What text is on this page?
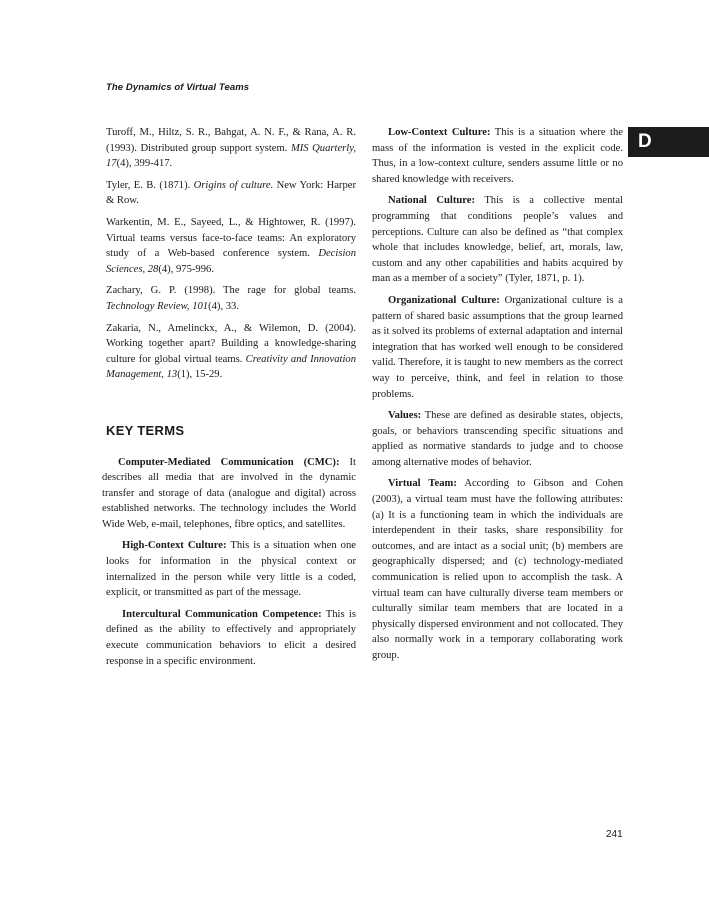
The Dynamics of Virtual Teams
D
Turoff, M., Hiltz, S. R., Bahgat, A. N. F., & Rana, A. R. (1993). Distributed group support system. MIS Quarterly, 17(4), 399-417.
Tyler, E. B. (1871). Origins of culture. New York: Harper & Row.
Warkentin, M. E., Sayeed, L., & Hightower, R. (1997). Virtual teams versus face-to-face teams: An exploratory study of a Web-based conference system. Decision Sciences, 28(4), 975-996.
Zachary, G. P. (1998). The rage for global teams. Technology Review, 101(4), 33.
Zakaria, N., Amelinckx, A., & Wilemon, D. (2004). Working together apart? Building a knowledge-sharing culture for global virtual teams. Creativity and Innovation Management, 13(1), 15-29.
KEY TERMS
Computer-Mediated Communication (CMC): It describes all media that are involved in the dynamic transfer and storage of data (analogue and digital) across established networks. The technology includes the World Wide Web, e-mail, telephones, fibre optics, and satellites.
High-Context Culture: This is a situation when one looks for information in the physical context or internalized in the person while very little is a coded, explicit, or transmitted as part of the message.
Intercultural Communication Competence: This is defined as the ability to effectively and appropriately execute communication behaviors to elicit a desired response in a specific environment.
Low-Context Culture: This is a situation where the mass of the information is vested in the explicit code. Thus, in a low-context culture, senders assume little or no shared knowledge with receivers.
National Culture: This is a collective mental programming that conditions people’s values and perceptions. Culture can also be defined as “that complex whole that includes knowledge, belief, art, morals, law, custom and any other capabilities and habits acquired by man as a member of a society” (Tyler, 1871, p. 1).
Organizational Culture: Organizational culture is a pattern of shared basic assumptions that the group learned as it solved its problems of external adaptation and internal integration that has worked well enough to be considered valid. Therefore, it is taught to new members as the correct way to perceive, think, and feel in relation to those problems.
Values: These are defined as desirable states, objects, goals, or behaviors transcending specific situations and applied as normative standards to judge and to choose among alternative modes of behavior.
Virtual Team: According to Gibson and Cohen (2003), a virtual team must have the following attributes: (a) It is a functioning team in which the individuals are interdependent in their tasks, share responsibility for outcomes, and are intact as a social unit; (b) members are geographically dispersed; and (c) technology-mediated communication is relied upon to accomplish the task. A virtual team can have culturally diverse team members or culturally similar team members that are located in a physically dispersed environment and not collocated. They also normally work in a temporary collaborating work group.
241
